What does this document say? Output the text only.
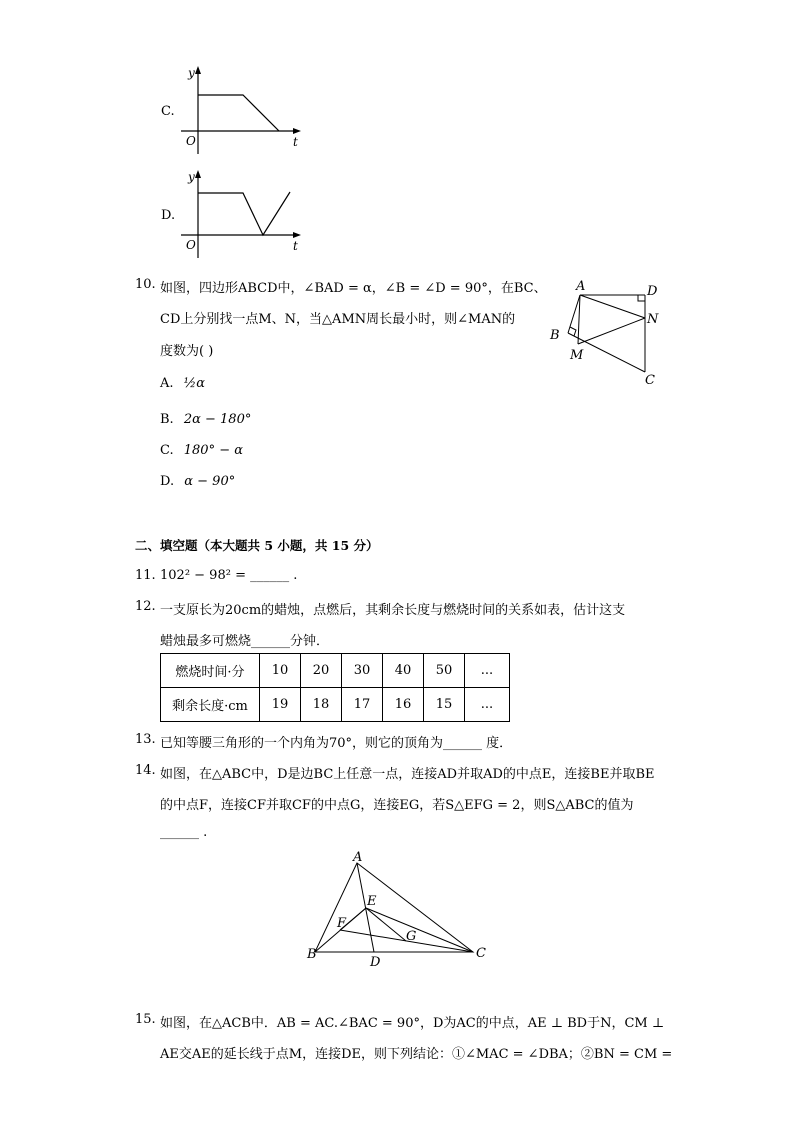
C.
y
O	t
D.
y
O	t
10. 如图，四边形ABCD中，∠BAD = α，∠B = ∠D = 90°，在BC、
CD上分别找一点M、N，当△AMN周长最小时，则∠MAN的
度数为( )
A. ½α
B. 2α − 180°
C. 180° − α
D. α − 90°
A	D
B
N
M
C
二、填空题（本大题共 5 小题，共 15 分）
11. 102² − 98² = ______ .
12. 一支原长为20cm的蜡烛，点燃后，其剩余长度与燃烧时间的关系如表，估计这支
蜡烛最多可燃烧______分钟．
燃烧时间·分	10	20	30	40	50	...
剩余长度·cm	19	18	17	16	15	...
13. 已知等腰三角形的一个内角为70°，则它的顶角为______ 度．
14. 如图，在△ABC中，D是边BC上任意一点，连接AD并取AD的中点E，连接BE并取BE
的中点F，连接CF并取CF的中点G，连接EG，若S△EFG = 2，则S△ABC的值为
______ .
A
B	C
D
E
F
G
15. 如图，在△ACB中．AB = AC.∠BAC = 90°，D为AC的中点，AE ⊥ BD于N，CM ⊥
AE交AE的延长线于点M，连接DE，则下列结论：①∠MAC = ∠DBA；②BN = CM =
